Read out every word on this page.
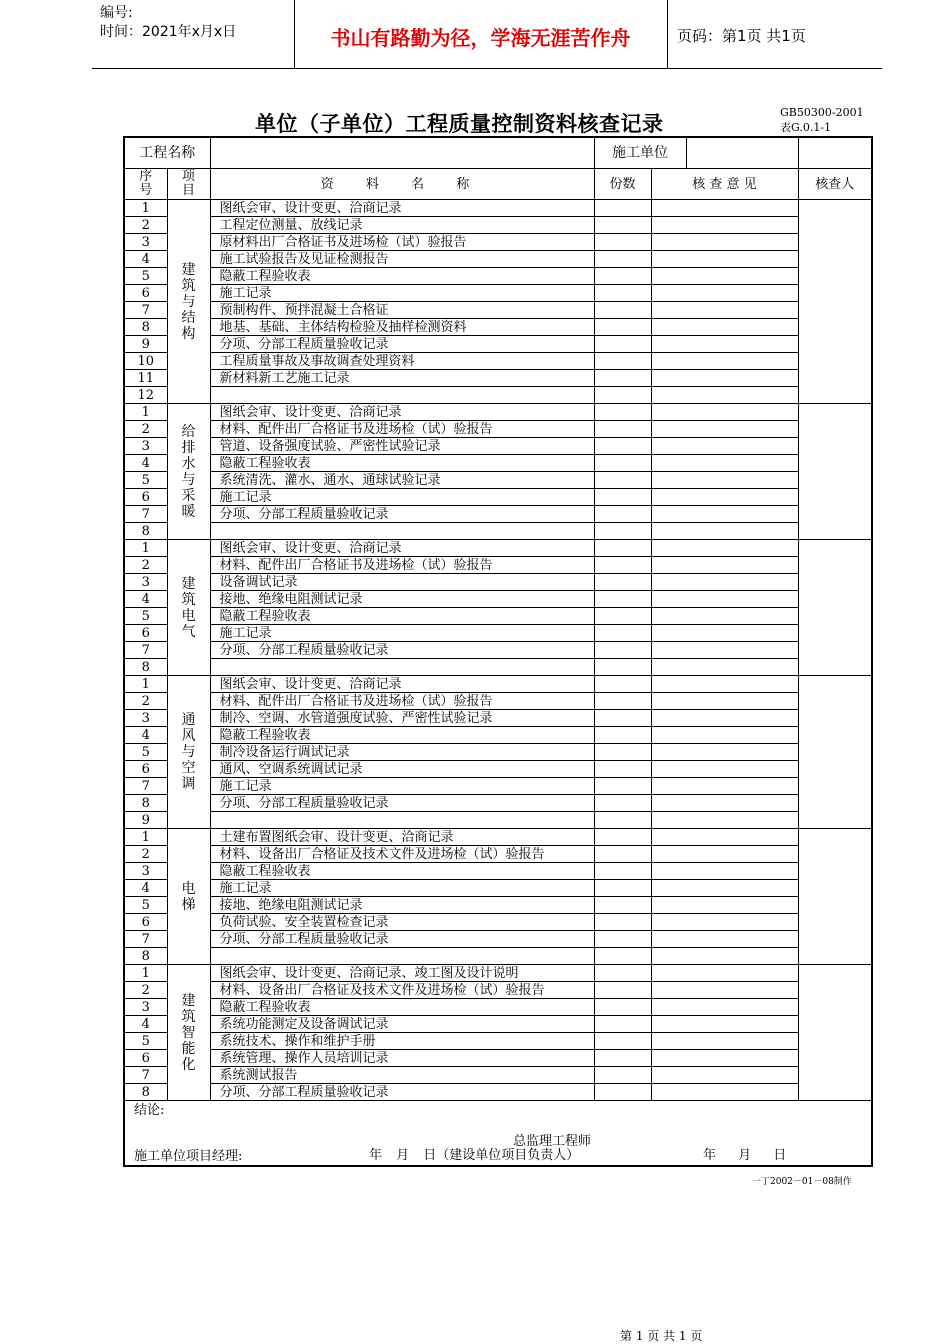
编号:
时间：2021年x月x日	书山有路勤为径，学海无涯苦作舟	页码：第1页 共1页
单位（子单位）工程质量控制资料核查记录	GB50300-2001
表G.0.1-1
工程名称			施工单位		

序号	项目	资 料 名 称	份数	核 查 意 见	核查人
1	建筑与结构	图纸会审、设计变更、洽商记录			
2		工程定位测量、放线记录			
3		原材料出厂合格证书及进场检（试）验报告			
4		施工试验报告及见证检测报告			
5		隐蔽工程验收表			
6		施工记录			
7		预制构件、预拌混凝土合格证			
8		地基、基础、主体结构检验及抽样检测资料			
9		分项、分部工程质量验收记录			
10		工程质量事故及事故调查处理资料			
11		新材料新工艺施工记录			
12					
1	给排水与采暖	图纸会审、设计变更、洽商记录			
2		材料、配件出厂合格证书及进场检（试）验报告			
3		管道、设备强度试验、严密性试验记录			
4		隐蔽工程验收表			
5		系统清洗、灌水、通水、通球试验记录			
6		施工记录			
7		分项、分部工程质量验收记录			
8					
1	建筑电气	图纸会审、设计变更、洽商记录			
2		材料、配件出厂合格证书及进场检（试）验报告			
3		设备调试记录			
4		接地、绝缘电阻测试记录			
5		隐蔽工程验收表			
6		施工记录			
7		分项、分部工程质量验收记录			
8					
1	通风与空调	图纸会审、设计变更、洽商记录			
2		材料、配件出厂合格证书及进场检（试）验报告			
3		制冷、空调、水管道强度试验、严密性试验记录			
4		隐蔽工程验收表			
5		制冷设备运行调试记录			
6		通风、空调系统调试记录			
7		施工记录			
8		分项、分部工程质量验收记录			
9					
1	电梯	土建布置图纸会审、设计变更、洽商记录			
2		材料、设备出厂合格证及技术文件及进场检（试）验报告			
3		隐蔽工程验收表			
4		施工记录			
5		接地、绝缘电阻测试记录			
6		负荷试验、安全装置检查记录			
7		分项、分部工程质量验收记录			
8					
1	建筑智能化	图纸会审、设计变更、洽商记录、竣工图及设计说明			
2		材料、设备出厂合格证及技术文件及进场检（试）验报告			
3		隐蔽工程验收表			
4		系统功能测定及设备调试记录			
5		系统技术、操作和维护手册			
6		系统管理、操作人员培训记录			
7		系统测试报告			
8		分项、分部工程质量验收记录			

结论:
总监理工程师
施工单位项目经理: 年 月 日（建设单位项目负责人） 年 月 日					
一丁2002－01－08制作
第 1 页 共 1 页
